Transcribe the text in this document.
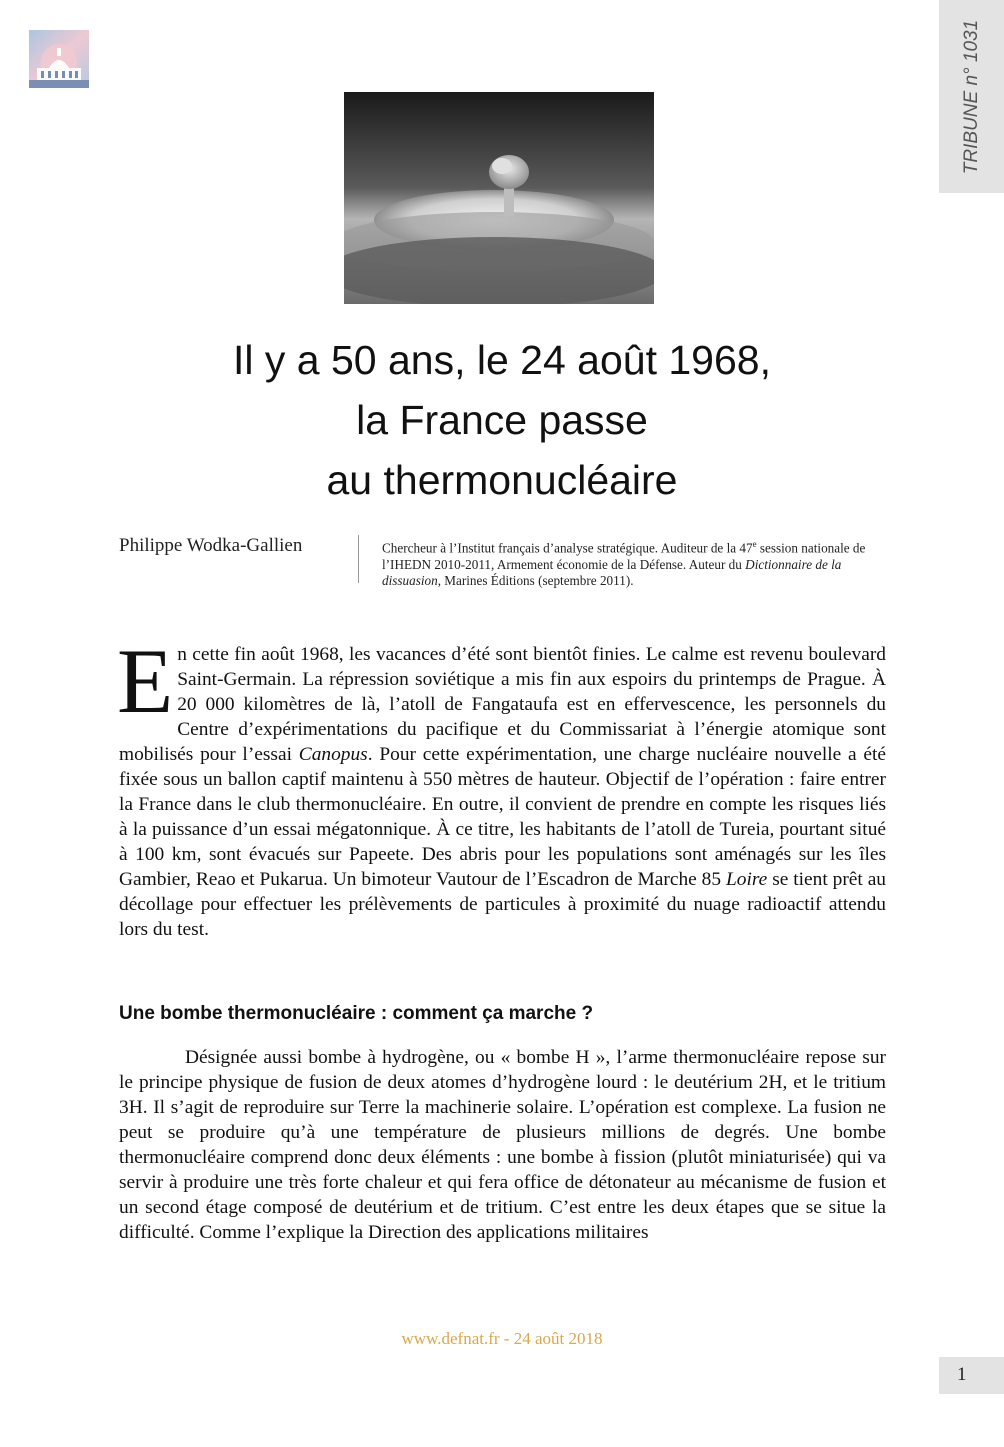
TRIBUNE n° 1031
Il y a 50 ans, le 24 août 1968,
la France passe
au thermonucléaire
Philippe Wodka-Gallien	Chercheur à l’Institut français d’analyse stratégique. Auditeur de la 47e session nationale de l’IHEDN 2010-2011, Armement économie de la Défense. Auteur du Dictionnaire de la dissuasion, Marines Éditions (septembre 2011).

En cette fin août 1968, les vacances d’été sont bientôt finies. Le calme est revenu boulevard Saint-Germain. La répression soviétique a mis fin aux espoirs du printemps de Prague. À 20 000 kilomètres de là, l’atoll de Fangataufa est en effervescence, les personnels du Centre d’expérimentations du pacifique et du Commissariat à l’énergie atomique sont mobilisés pour l’essai Canopus. Pour cette expérimentation, une charge nucléaire nouvelle a été fixée sous un ballon captif maintenu à 550 mètres de hauteur. Objectif de l’opération : faire entrer la France dans le club thermonucléaire. En outre, il convient de prendre en compte les risques liés à la puissance d’un essai mégatonnique. À ce titre, les habitants de l’atoll de Tureia, pourtant situé à 100 km, sont évacués sur Papeete. Des abris pour les populations sont aménagés sur les îles Gambier, Reao et Pukarua. Un bimoteur Vautour de l’Escadron de Marche 85 Loire se tient prêt au décollage pour effectuer les prélèvements de particules à proximité du nuage radioactif attendu lors du test.

Une bombe thermonucléaire : comment ça marche ?

Désignée aussi bombe à hydrogène, ou « bombe H », l’arme thermonucléaire repose sur le principe physique de fusion de deux atomes d’hydrogène lourd : le deutérium 2H, et le tritium 3H. Il s’agit de reproduire sur Terre la machinerie solaire. L’opération est complexe. La fusion ne peut se produire qu’à une température de plusieurs millions de degrés. Une bombe thermonucléaire comprend donc deux éléments : une bombe à fission (plutôt miniaturisée) qui va servir à produire une très forte chaleur et qui fera office de détonateur au mécanisme de fusion et un second étage composé de deutérium et de tritium. C’est entre les deux étapes que se situe la difficulté. Comme l’explique la Direction des applications militaires

www.defnat.fr - 24 août 2018
1
